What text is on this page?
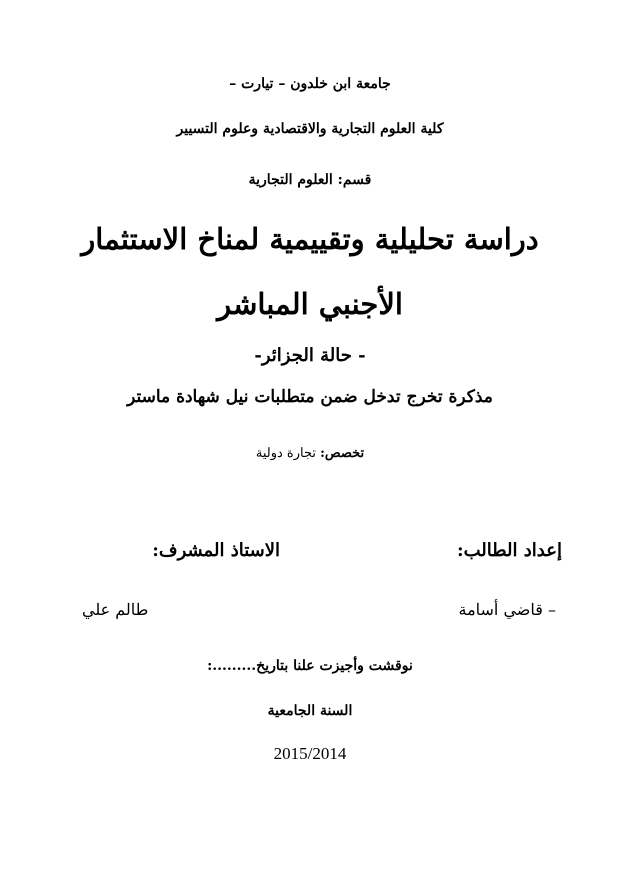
جامعة ابن خلدون – تيارت –
كلية العلوم التجارية والاقتصادية وعلوم التسيير
قسم: العلوم التجارية
دراسة تحليلية وتقييمية لمناخ الاستثمار
الأجنبي المباشر
- حالة الجزائر-
مذكرة تخرج تدخل ضمن متطلبات نيل شهادة ماستر
تخصص: تجارة دولية
إعداد الطالب:
الاستاذ المشرف:
– قاضي أسامة
طالم علي
نوقشت وأجيزت علنا بتاريخ.........:
السنة الجامعية
2015/2014
